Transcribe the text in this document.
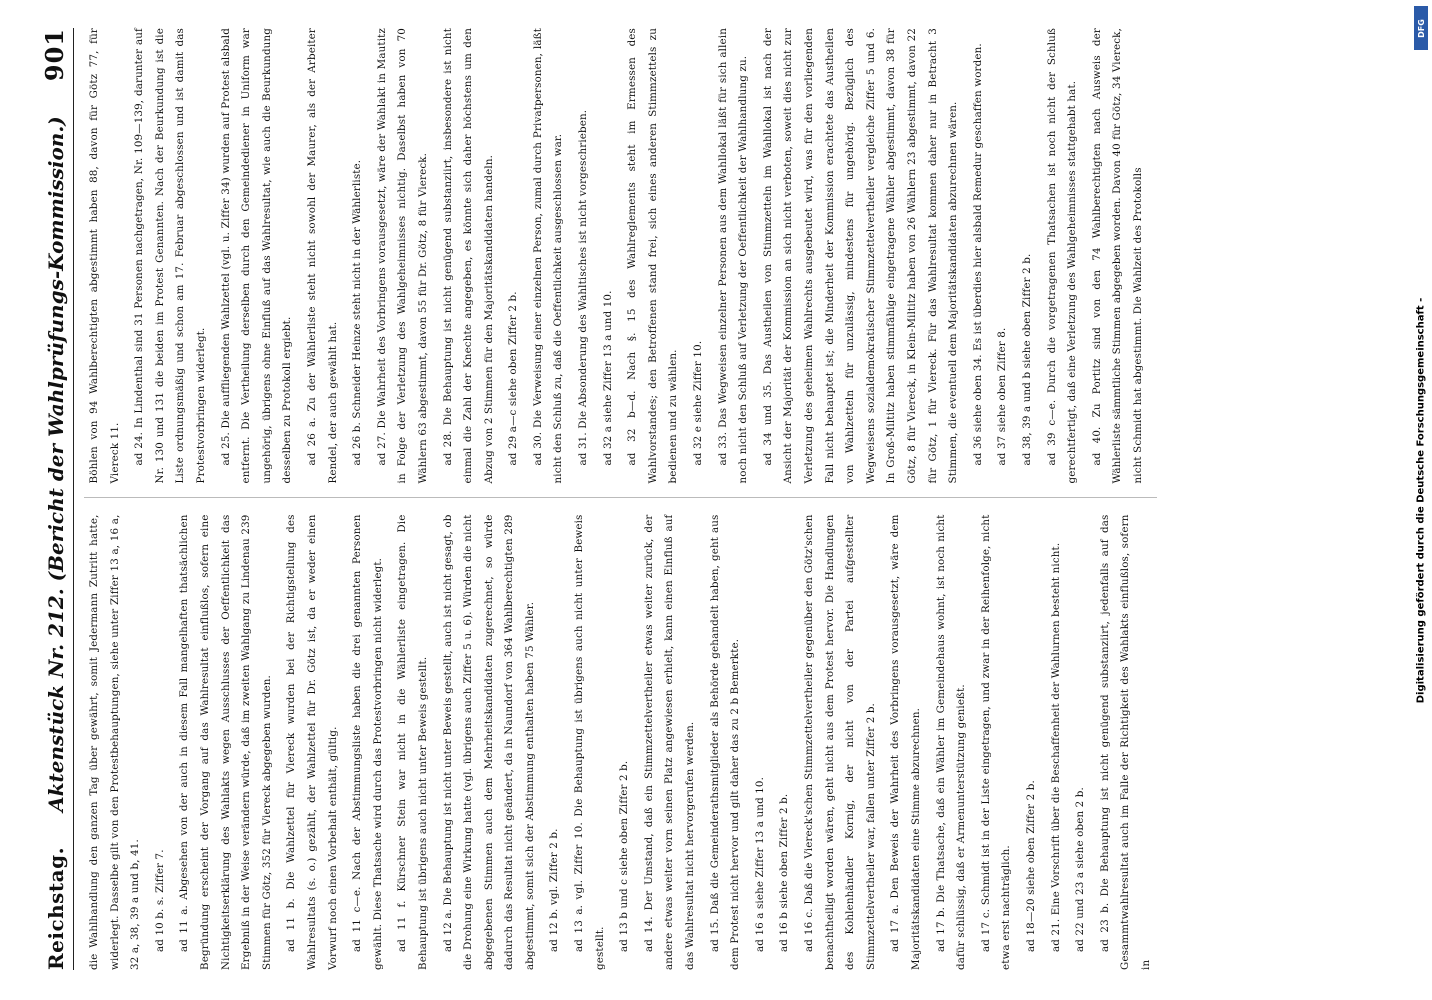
Reichstag.
Aktenstück Nr. 212. (Bericht der Wahlprüfungs-Kommission.)
901

die Wahlhandlung den ganzen Tag über gewährt, somit Jedermann Zutritt hatte, widerlegt. Dasselbe gilt von den Protestbehauptungen, siehe unter Ziffer 13 a, 16 a, 32 a, 38, 39 a und b, 41.	ad 10 b. s. Ziffer 7.	ad 11 a. Abgesehen von der auch in diesem Fall mangelhaften thatsächlichen Begründung erscheint der Vorgang auf das Wahlresultat einflußlos, sofern eine Nichtigkeitserklärung des Wahlakts wegen Ausschlusses der Oeffentlichkeit das Ergebniß in der Weise verändern würde, daß im zweiten Wahlgang zu Lindenau 239 Stimmen für Götz, 352 für Viereck abgegeben wurden.	ad 11 b. Die Wahlzettel für Viereck wurden bei der Richtigstellung des Wahlresultats (s. o.) gezählt, der Wahlzettel für Dr. Götz ist, da er weder einen Vorwurf noch einen Vorbehalt enthält, gültig.	ad 11 c—e. Nach der Abstimmungsliste haben die drei genannten Personen gewählt. Diese Thatsache wird durch das Protestvorbringen nicht widerlegt.	ad 11 f. Kürschner Stein war nicht in die Wählerliste eingetragen. Die Behauptung ist übrigens auch nicht unter Beweis gestellt.	ad 12 a. Die Behauptung ist nicht unter Beweis gestellt, auch ist nicht gesagt, ob die Drohung eine Wirkung hatte (vgl. übrigens auch Ziffer 5 u. 6). Würden die nicht abgegebenen Stimmen auch dem Mehrheitskandidaten zugerechnet, so würde dadurch das Resultat nicht geändert, da in Naundorf von 364 Wahlberechtigten 289 abgestimmt, somit sich der Abstimmung enthalten haben 75 Wähler.	ad 12 b. vgl. Ziffer 2 b.	ad 13 a. vgl. Ziffer 10. Die Behauptung ist übrigens auch nicht unter Beweis gestellt.	ad 13 b und c siehe oben Ziffer 2 b.	ad 14. Der Umstand, daß ein Stimmzettelvertheiler etwas weiter zurück, der andere etwas weiter vorn seinen Platz angewiesen erhielt, kann einen Einfluß auf das Wahlresultat nicht hervorgerufen werden.	ad 15. Daß die Gemeinderathsmitglieder als Behörde gehandelt haben, geht aus dem Protest nicht hervor und gilt daher das zu 2 b Bemerkte.	ad 16 a siehe Ziffer 13 a und 10.	ad 16 b siehe oben Ziffer 2 b.	ad 16 c. Daß die Viereck'schen Stimmzettelvertheiler gegenüber den Götz'schen benachtheiligt worden wären, geht nicht aus dem Protest hervor. Die Handlungen des Kohlenhändler Kornig, der nicht von der Partei aufgestellter Stimmzettelvertheiler war, fallen unter Ziffer 2 b.	ad 17 a. Den Beweis der Wahrheit des Vorbringens vorausgesetzt, wäre dem Majoritätskandidaten eine Stimme abzurechnen.	ad 17 b. Die Thatsache, daß ein Wähler im Gemeindehaus wohnt, ist noch nicht dafür schlüssig, daß er Armenunterstützung genießt.	ad 17 c. Schmidt ist in der Liste eingetragen, und zwar in der Reihenfolge, nicht etwa erst nachträglich.	ad 18—20 siehe oben Ziffer 2 b.	ad 21. Eine Vorschrift über die Beschaffenheit der Wahlurnen besteht nicht.	ad 22 und 23 a siehe oben 2 b.	ad 23 b. Die Behauptung ist nicht genügend substanziirt, jedenfalls auf das Gesammtwahlresultat auch im Falle der Richtigkeit des Wahlakts einflußlos, sofern in

Böhlen von 94 Wahlberechtigten abgestimmt haben 88, davon für Götz 77, für Viereck 11.	ad 24. In Lindenthal sind 31 Personen nachgetragen, Nr. 109—139, darunter auf Nr. 130 und 131 die beiden im Protest Genannten. Nach der Beurkundung ist die Liste ordnungsmäßig und schon am 17. Februar abgeschlossen und ist damit das Protestvorbringen widerlegt.	ad 25. Die auffliegenden Wahlzettel (vgl. u. Ziffer 34) wurden auf Protest alsbald entfernt. Die Vertheilung derselben durch den Gemeindediener in Uniform war ungehörig, übrigens ohne Einfluß auf das Wahlresultat, wie auch die Beurkundung desselben zu Protokoll ergiebt.	ad 26 a. Zu der Wählerliste steht nicht sowohl der Maurer, als der Arbeiter Rendel, der auch gewählt hat.	ad 26 b. Schneider Heinze steht nicht in der Wählerliste.	ad 27. Die Wahrheit des Vorbringens vorausgesetzt, wäre der Wahlakt in Mautitz in Folge der Verletzung des Wahlgeheimnisses nichtig. Daselbst haben von 70 Wählern 63 abgestimmt, davon 55 für Dr. Götz, 8 für Viereck.	ad 28. Die Behauptung ist nicht genügend substanziirt, insbesondere ist nicht einmal die Zahl der Knechte angegeben, es könnte sich daher höchstens um den Abzug von 2 Stimmen für den Majoritätskandidaten handeln.	ad 29 a—c siehe oben Ziffer 2 b.	ad 30. Die Verweisung einer einzelnen Person, zumal durch Privatpersonen, läßt nicht den Schluß zu, daß die Oeffentlichkeit ausgeschlossen war.	ad 31. Die Absonderung des Wahltisches ist nicht vorgeschrieben.	ad 32 a siehe Ziffer 13 a und 10.	ad 32 b—d. Nach §. 15 des Wahlreglements steht im Ermessen des Wahlvorstandes; den Betroffenen stand frei, sich eines anderen Stimmzettels zu bedienen und zu wählen.	ad 32 e siehe Ziffer 10.	ad 33. Das Wegweisen einzelner Personen aus dem Wahllokal läßt für sich allein noch nicht den Schluß auf Verletzung der Oeffentlichkeit der Wahlhandlung zu.	ad 34 und 35. Das Austheilen von Stimmzetteln im Wahllokal ist nach der Ansicht der Majorität der Kommission an sich nicht verboten, soweit dies nicht zur Verletzung des geheimen Wahlrechts ausgebeutet wird, was für den vorliegenden Fall nicht behauptet ist; die Minderheit der Kommission erachtete das Austheilen von Wahlzetteln für unzulässig, mindestens für ungehörig. Bezüglich des Wegweisens sozialdemokratischer Stimmzettelvertheiler vergleiche Ziffer 5 und 6. In Groß-Miltitz haben stimmfähige eingetragene Wähler abgestimmt, davon 38 für Götz, 8 für Viereck, in Klein-Miltitz haben von 26 Wählern 23 abgestimmt, davon 22 für Götz, 1 für Viereck. Für das Wahlresultat kommen daher nur in Betracht 3 Stimmen, die eventuell dem Majoritätskandidaten abzurechnen wären.	ad 36 siehe oben 34. Es ist überdies hier alsbald Remedur geschaffen worden.	ad 37 siehe oben Ziffer 8.	ad 38, 39 a und b siehe oben Ziffer 2 b.	ad 39 c—e. Durch die vorgetragenen Thatsachen ist noch nicht der Schluß gerechtfertigt, daß eine Verletzung des Wahlgeheimnisses stattgehabt hat.	ad 40. Zu Portitz sind von den 74 Wahlberechtigten nach Ausweis der Wählerliste sämmtliche Stimmen abgegeben worden. Davon 40 für Götz, 34 Viereck, nicht Schmidt hat abgestimmt. Die Wahlzeit des Protokolls

DFG
Digitalisierung gefördert durch die Deutsche Forschungsgemeinschaft -
